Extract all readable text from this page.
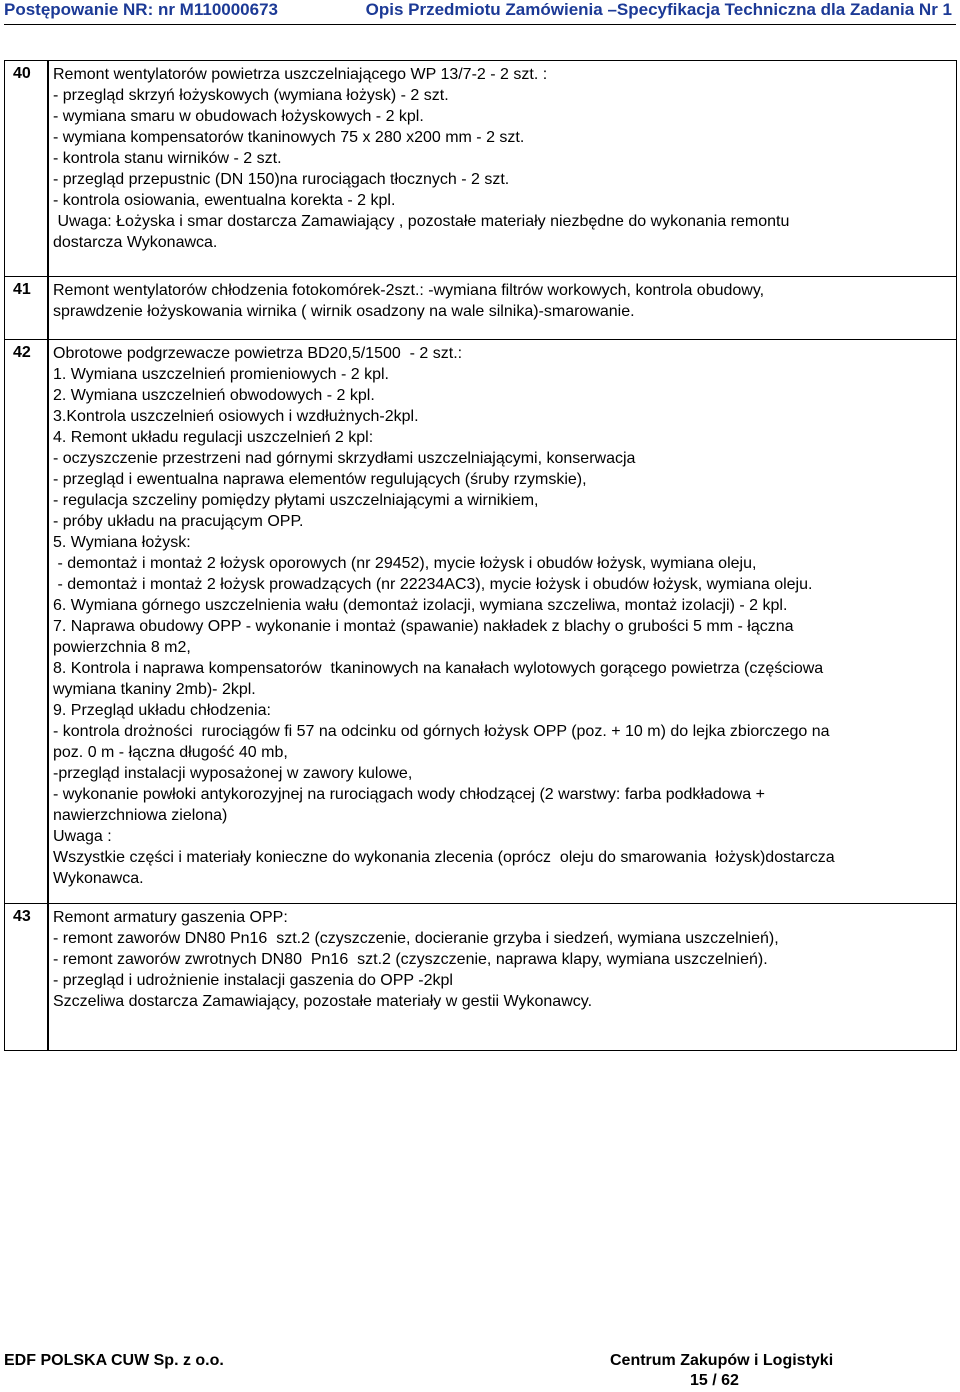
Postępowanie NR: nr M110000673	Opis Przedmiotu Zamówienia –Specyfikacja Techniczna dla Zadania Nr 1
40	Remont wentylatorów powietrza uszczelniającego WP 13/7-2 - 2 szt. :
- przegląd skrzyń łożyskowych (wymiana łożysk) - 2 szt.
- wymiana smaru w obudowach łożyskowych - 2 kpl.
- wymiana kompensatorów tkaninowych 75 x 280 x200 mm - 2 szt.
- kontrola stanu wirników - 2 szt.
- przegląd przepustnic (DN 150)na rurociągach tłocznych - 2 szt.
- kontrola osiowania, ewentualna korekta - 2 kpl.
Uwaga: Łożyska i smar dostarcza Zamawiający , pozostałe materiały niezbędne do wykonania remontu
dostarcza Wykonawca.
41	Remont wentylatorów chłodzenia fotokomórek-2szt.: -wymiana filtrów workowych, kontrola obudowy,
sprawdzenie łożyskowania wirnika ( wirnik osadzony na wale silnika)-smarowanie.
42	Obrotowe podgrzewacze powietrza BD20,5/1500  - 2 szt.:
1. Wymiana uszczelnień promieniowych - 2 kpl.
2. Wymiana uszczelnień obwodowych - 2 kpl.
3.Kontrola uszczelnień osiowych i wzdłużnych-2kpl.
4. Remont układu regulacji uszczelnień 2 kpl:
- oczyszczenie przestrzeni nad górnymi skrzydłami uszczelniającymi, konserwacja
- przegląd i ewentualna naprawa elementów regulujących (śruby rzymskie),
- regulacja szczeliny pomiędzy płytami uszczelniającymi a wirnikiem,
- próby układu na pracującym OPP.
5. Wymiana łożysk:
- demontaż i montaż 2 łożysk oporowych (nr 29452), mycie łożysk i obudów łożysk, wymiana oleju,
- demontaż i montaż 2 łożysk prowadzących (nr 22234AC3), mycie łożysk i obudów łożysk, wymiana oleju.
6. Wymiana górnego uszczelnienia wału (demontaż izolacji, wymiana szczeliwa, montaż izolacji) - 2 kpl.
7. Naprawa obudowy OPP - wykonanie i montaż (spawanie) nakładek z blachy o grubości 5 mm - łączna
powierzchnia 8 m2,
8. Kontrola i naprawa kompensatorów  tkaninowych na kanałach wylotowych gorącego powietrza (częściowa
wymiana tkaniny 2mb)- 2kpl.
9. Przegląd układu chłodzenia:
- kontrola drożności  rurociągów fi 57 na odcinku od górnych łożysk OPP (poz. + 10 m) do lejka zbiorczego na
poz. 0 m - łączna długość 40 mb,
-przegląd instalacji wyposażonej w zawory kulowe,
- wykonanie powłoki antykorozyjnej na rurociągach wody chłodzącej (2 warstwy: farba podkładowa +
nawierzchniowa zielona)
Uwaga :
Wszystkie części i materiały konieczne do wykonania zlecenia (oprócz  oleju do smarowania  łożysk)dostarcza
Wykonawca.
43	Remont armatury gaszenia OPP:
- remont zaworów DN80 Pn16  szt.2 (czyszczenie, docieranie grzyba i siedzeń, wymiana uszczelnień),
- remont zaworów zwrotnych DN80  Pn16  szt.2 (czyszczenie, naprawa klapy, wymiana uszczelnień).
- przegląd i udrożnienie instalacji gaszenia do OPP -2kpl
Szczeliwa dostarcza Zamawiający, pozostałe materiały w gestii Wykonawcy.
EDF POLSKA CUW Sp. z o.o.	Centrum Zakupów i Logistyki
15 / 62
